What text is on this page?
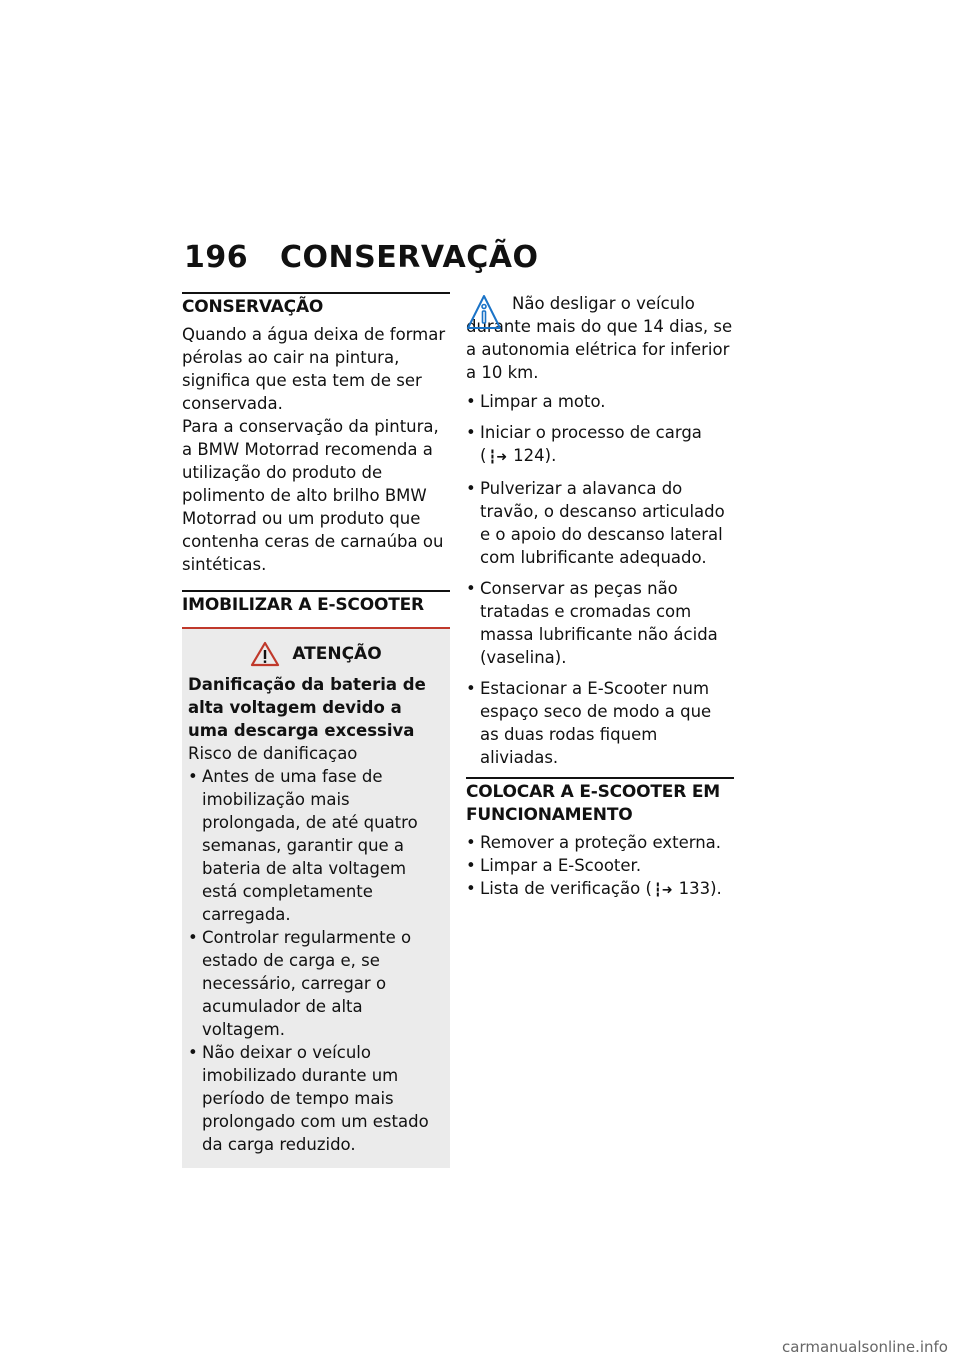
196 CONSERVAÇÃO
CONSERVAÇÃO

Quando a água deixa de formar pérolas ao cair na pintura, significa que esta tem de ser conservada.

Para a conservação da pintura, a BMW Motorrad recomenda a utilização do produto de polimento de alto brilho BMW Motorrad ou um produto que contenha ceras de carnaúba ou sintéticas.

IMOBILIZAR A E-SCOOTER
ATENÇÃO
Danificação da bateria de alta voltagem devido a uma descarga excessiva
Risco de danificaçao
• Antes de uma fase de imobilização mais prolongada, de até quatro semanas, garantir que a bateria de alta voltagem está completamente carregada.
• Controlar regularmente o estado de carga e, se necessário, carregar o acumulador de alta voltagem.
• Não deixar o veículo imobilizado durante um período de tempo mais prolongado com um estado da carga reduzido.

Não desligar o veículo durante mais do que 14 dias, se a autonomia elétrica for inferior a 10 km.

• Limpar a moto.
• Iniciar o processo de carga
( ┇➜ 124).
• Pulverizar a alavanca do travão, o descanso articulado e o apoio do descanso lateral com lubrificante adequado.
• Conservar as peças não tratadas e cromadas com massa lubrificante não ácida (vaselina).
• Estacionar a E-Scooter num espaço seco de modo a que as duas rodas fiquem aliviadas.
COLOCAR A E-SCOOTER EM FUNCIONAMENTO
• Remover a proteção externa.
• Limpar a E-Scooter.
• Lista de verificação ( ┇➜ 133).
carmanualsonline.info
